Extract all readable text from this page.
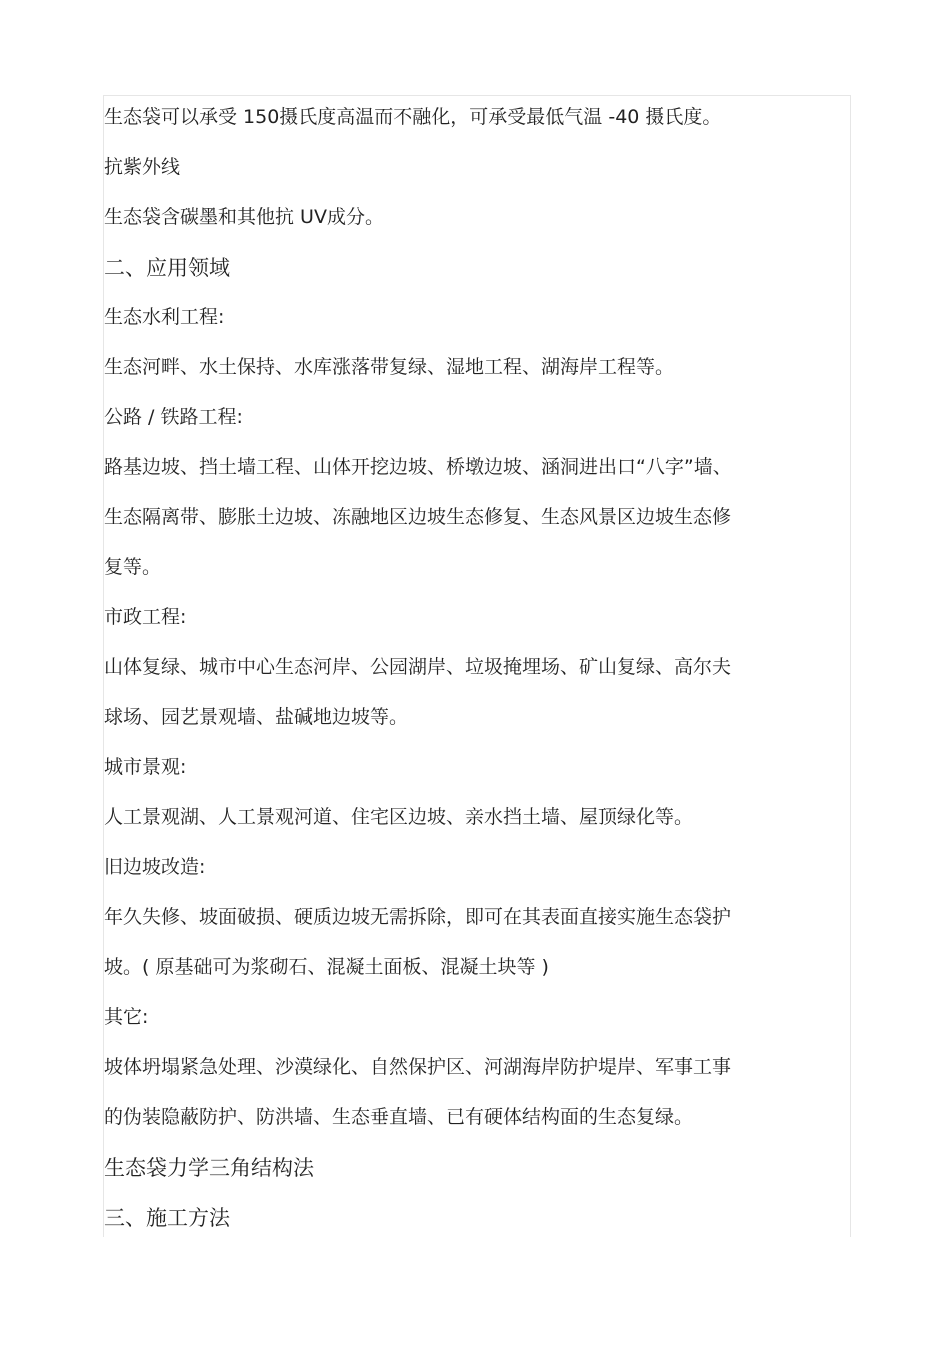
生态袋可以承受 150摄氏度高温而不融化，可承受最低气温 -40 摄氏度。
抗紫外线
生态袋含碳墨和其他抗 UV成分。
二、应用领域
生态水利工程:
生态河畔、水土保持、水库涨落带复绿、湿地工程、湖海岸工程等。
公路 / 铁路工程:
路基边坡、挡土墙工程、山体开挖边坡、桥墩边坡、涵洞进出口“八字”墙、
生态隔离带、膨胀土边坡、冻融地区边坡生态修复、生态风景区边坡生态修
复等。
市政工程:
山体复绿、城市中心生态河岸、公园湖岸、垃圾掩埋场、矿山复绿、高尔夫
球场、园艺景观墙、盐碱地边坡等。
城市景观:
人工景观湖、人工景观河道、住宅区边坡、亲水挡土墙、屋顶绿化等。
旧边坡改造:
年久失修、坡面破损、硬质边坡无需拆除，即可在其表面直接实施生态袋护
坡。( 原基础可为浆砌石、混凝土面板、混凝土块等 )
其它:
坡体坍塌紧急处理、沙漠绿化、自然保护区、河湖海岸防护堤岸、军事工事
的伪装隐蔽防护、防洪墙、生态垂直墙、已有硬体结构面的生态复绿。
生态袋力学三角结构法
三、施工方法
